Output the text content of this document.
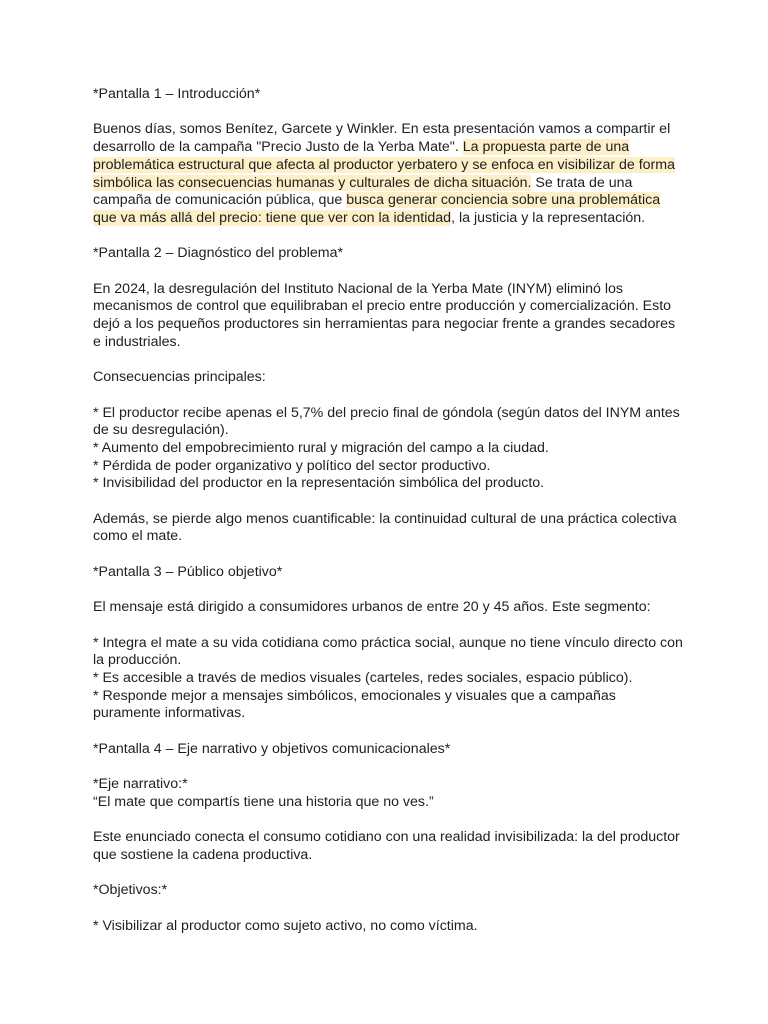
*Pantalla 1 – Introducción*

Buenos días, somos Benítez, Garcete y Winkler. En esta presentación vamos a compartir el desarrollo de la campaña "Precio Justo de la Yerba Mate". La propuesta parte de una problemática estructural que afecta al productor yerbatero y se enfoca en visibilizar de forma simbólica las consecuencias humanas y culturales de dicha situación. Se trata de una campaña de comunicación pública, que busca generar conciencia sobre una problemática que va más allá del precio: tiene que ver con la identidad, la justicia y la representación.

*Pantalla 2 – Diagnóstico del problema*

En 2024, la desregulación del Instituto Nacional de la Yerba Mate (INYM) eliminó los mecanismos de control que equilibraban el precio entre producción y comercialización. Esto dejó a los pequeños productores sin herramientas para negociar frente a grandes secadores e industriales.

Consecuencias principales:

* El productor recibe apenas el 5,7% del precio final de góndola (según datos del INYM antes de su desregulación).
* Aumento del empobrecimiento rural y migración del campo a la ciudad.
* Pérdida de poder organizativo y político del sector productivo.
* Invisibilidad del productor en la representación simbólica del producto.

Además, se pierde algo menos cuantificable: la continuidad cultural de una práctica colectiva como el mate.

*Pantalla 3 – Público objetivo*

El mensaje está dirigido a consumidores urbanos de entre 20 y 45 años. Este segmento:

* Integra el mate a su vida cotidiana como práctica social, aunque no tiene vínculo directo con la producción.
* Es accesible a través de medios visuales (carteles, redes sociales, espacio público).
* Responde mejor a mensajes simbólicos, emocionales y visuales que a campañas puramente informativas.

*Pantalla 4 – Eje narrativo y objetivos comunicacionales*

*Eje narrativo:*

“El mate que compartís tiene una historia que no ves.”

Este enunciado conecta el consumo cotidiano con una realidad invisibilizada: la del productor que sostiene la cadena productiva.

*Objetivos:*

* Visibilizar al productor como sujeto activo, no como víctima.
